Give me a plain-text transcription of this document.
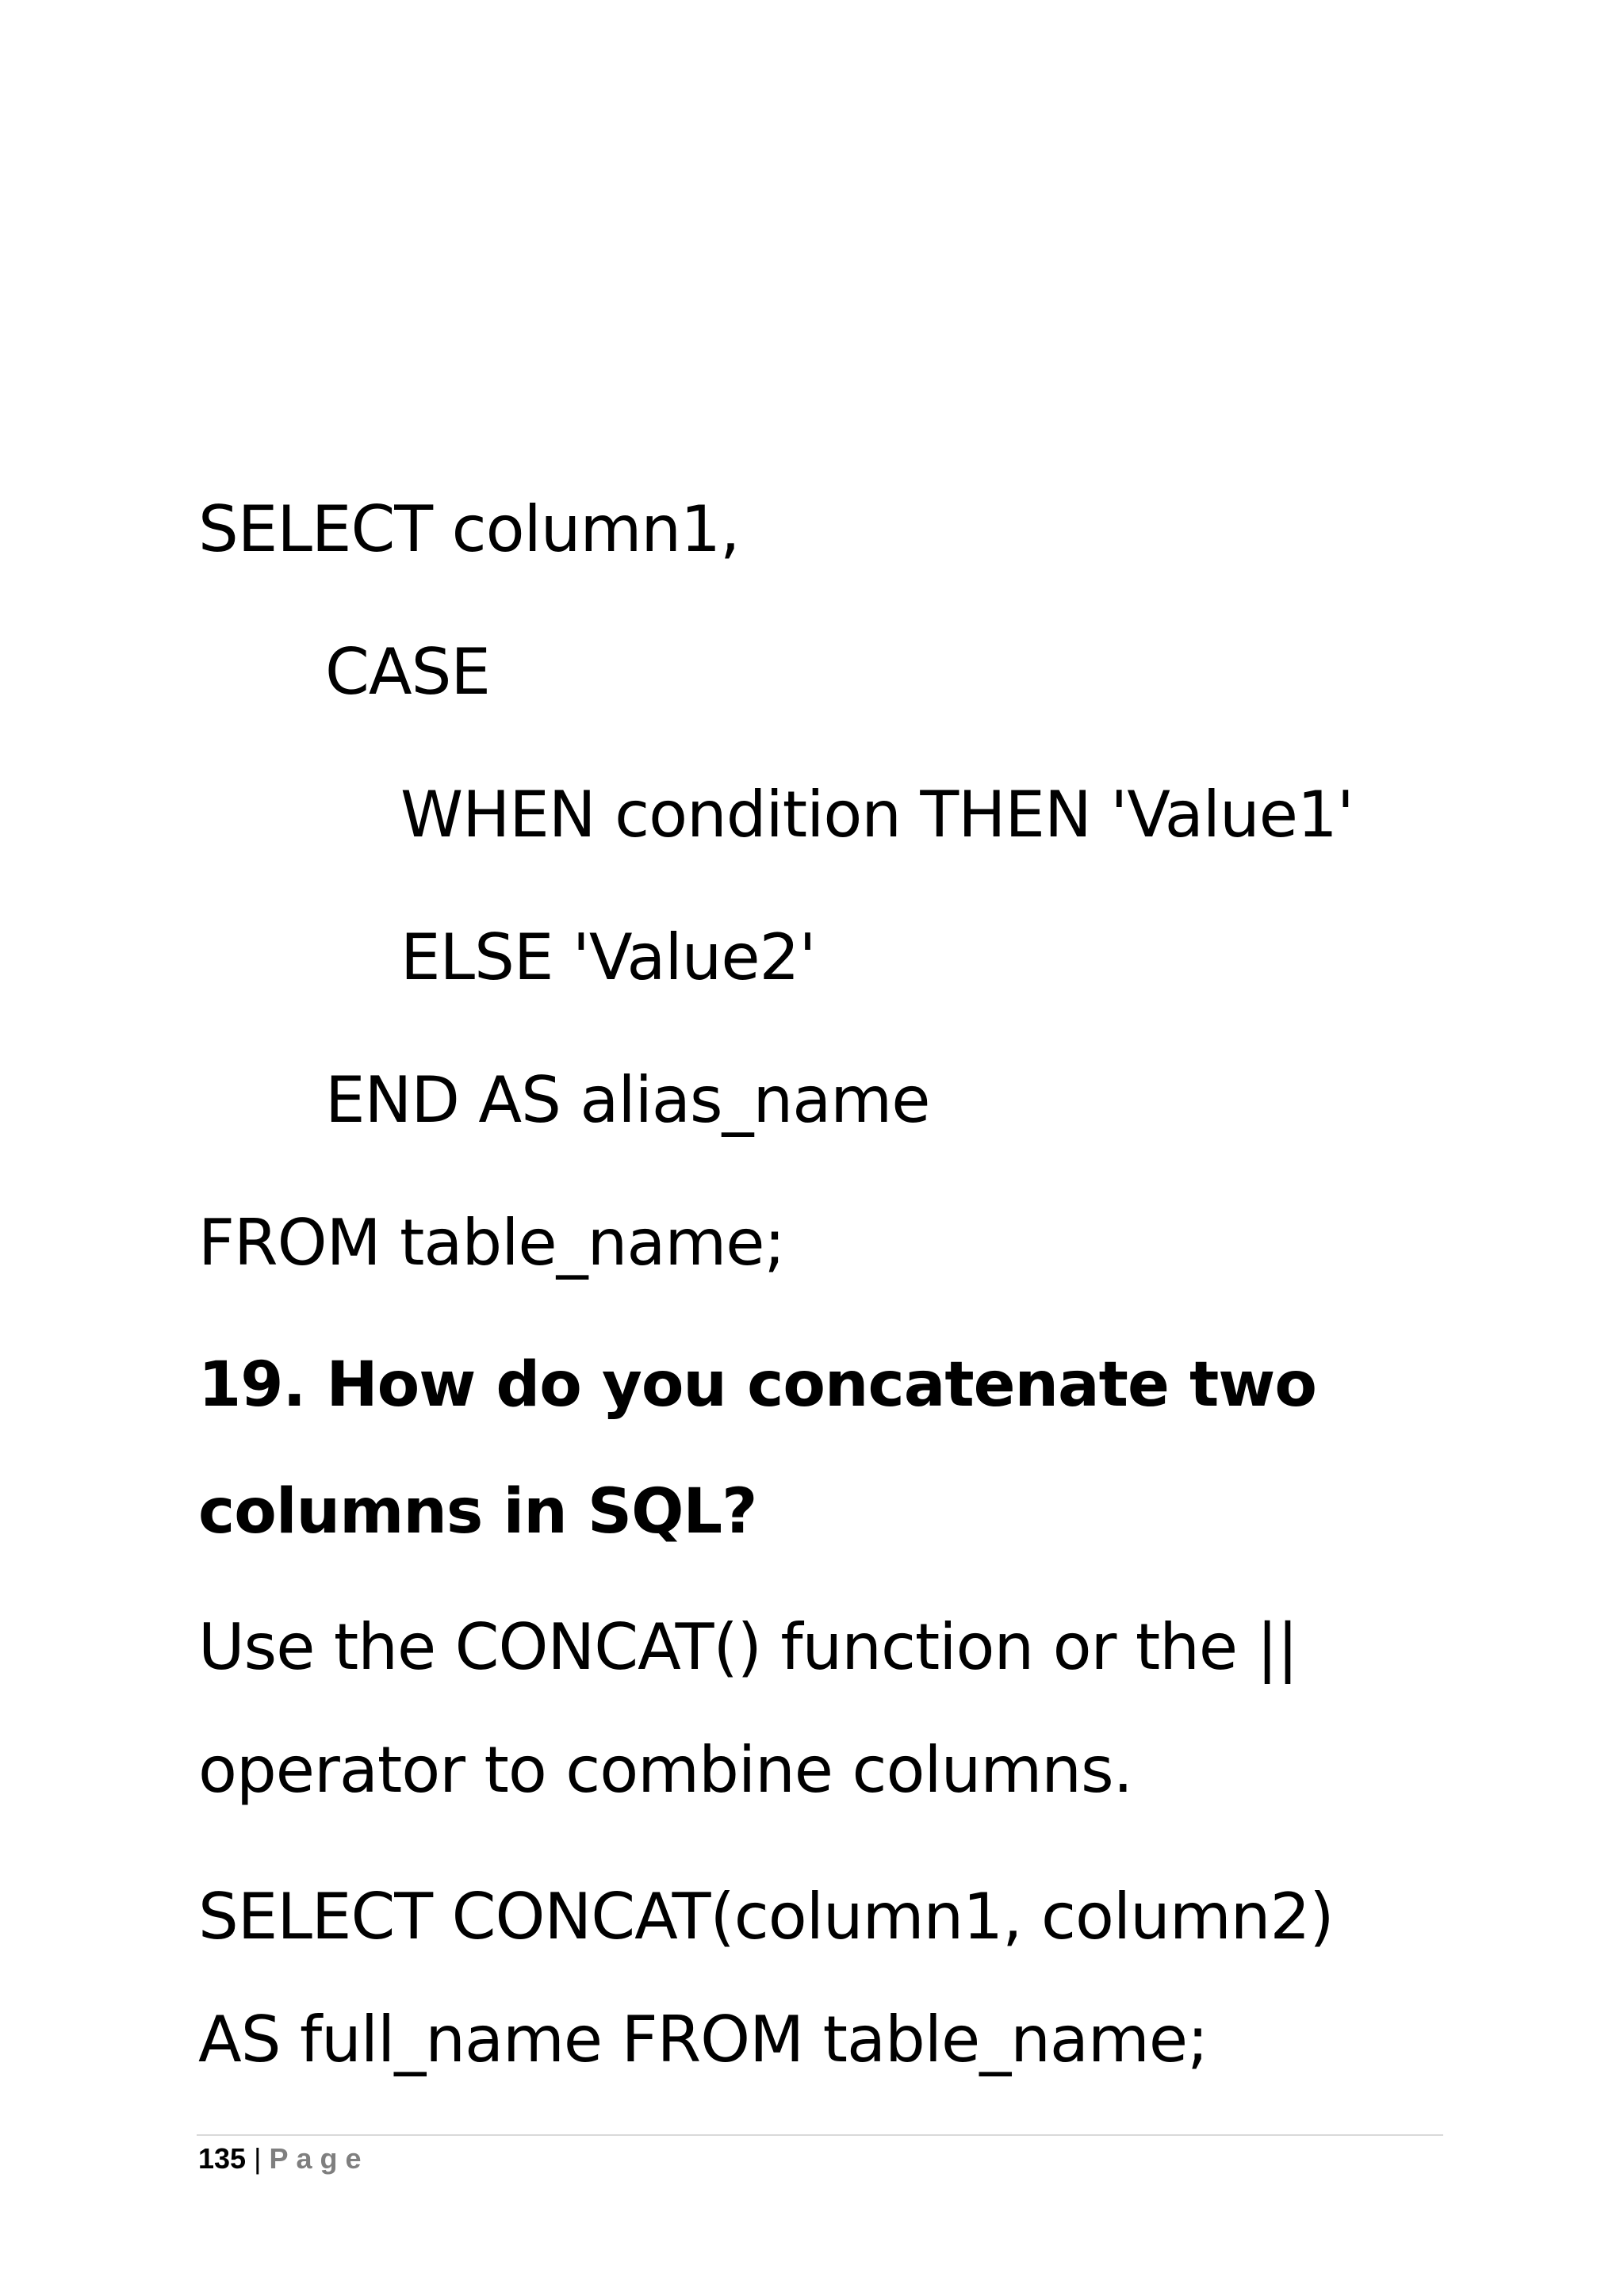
SELECT column1,
CASE
WHEN condition THEN 'Value1'
ELSE 'Value2'
END AS alias_name
FROM table_name;
19. How do you concatenate two
columns in SQL?
Use the CONCAT() function or the ||
operator to combine columns.
SELECT CONCAT(column1, column2)
AS full_name FROM table_name;
135 | Page
